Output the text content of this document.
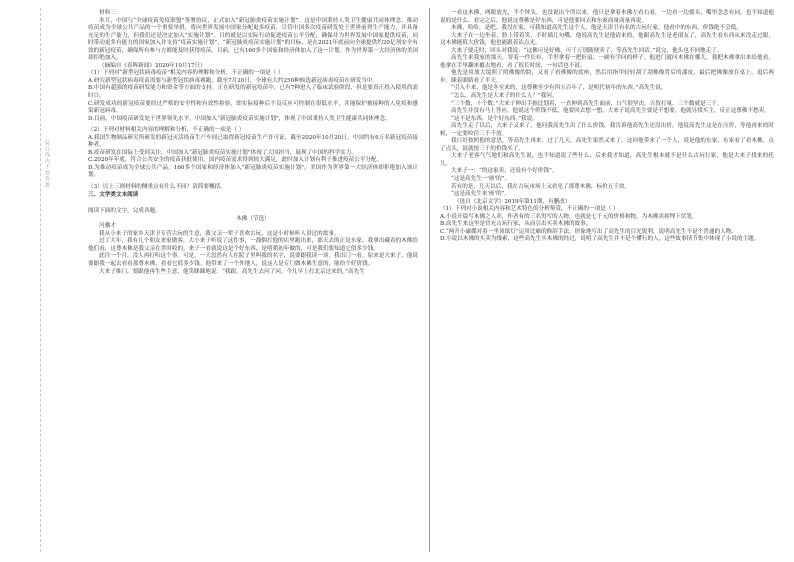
装订线内不要答题

材料三：

本月，中国与“全球疫苗免疫联盟”签署协议，正式加入“新冠肺炎疫苗实施计划”。这是中国秉持人类卫生健康共同体理念、推动疫苗成为全球公共产品的一个重要举措，将向世界发展中国家分配更多疫苗，尽管中国多次疫苗研发处于世界前列生产能力，并具备充足的生产能力，但我们还是决定加入“实施计划”，目的就是以实际行动促进疫苗公平分配，确保并为世界发展中国家提供疫苗，同时带动更多有能力的国家加入并支持“疫苗实施计划”。“新冠肺炎疫苗实施计划”的目标，是在2021年底前向全球提供约20亿剂安全有效的新冠疫苗，确保所有参与方都能及时获得疫苗。目前，已有160多个国家和经济体加入了这一计划。作为世界第一大经济体的美国却拒绝加入。

（摘编自《春晖新闻》2020年10月17日）

（1）下列对“新型冠状病毒疫苗”相关内容的理解和分析，不正确的一项是（ ）

A.研究新型冠状病毒疫苗需要与新型冠状病毒赛跑。截至7月20日，全球有大约250种候选新冠病毒疫苗在研发当中。

B.中国有超强的疫苗研发能力和资金等方面的支持，正在研发的新冠疫苗中，已有7种进入了临床试验阶段，但是要真正投入使用尚需时日。

C.研发成功的新冠疫苗要经过严格的安全性和有效性检验，即实际接种后不良反应可控制在很低水平，并能保护被接种的人免疫和感染新冠病毒。

D.目前，中国疫苗研发处于世界领先水平，中国加入“新冠肺炎疫苗实施计划”，体现了中国秉持人类卫生健康共同体理念。

（2）下列对材料相关内容的理解和分析，不正确的一项是（ ）

A.我国生物制品研究所研发的新冠灭活疫苗生产车间已取得新冠疫苗生产许可证，截至2020年10月20日，中国约有6万名新冠疫苗接种者。

B.疫苗研发在国际上受到关注，中国加入“新冠肺炎疫苗实施计划”体现了大国担当，展现了中国的科学实力。

C.2020年年底，符合公共安全的疫苗获批使用，国内疫苗需求得到较大满足，此时加入计划有利于推进疫苗公平分配。

D.为推动疫苗成为全球公共产品，160多个国家和经济体加入“新冠肺炎疫苗实施计划”，美国作为世界第一大经济体却拒绝加入该计划。

（3）以上三则材料的侧重点有什么不同？请简要概括。

三、文学类文本阅读

阅读下面的文字，完成各题。

木佛（节选）

冯骥才

我从小来子的家乡天津卫专营古玩的生意，我父亲一辈子喜欢古玩，这是小时候听人讲过的故事。

过了大年，我有几个朋友来家做客，大小来子听说了这件事，一溜烟打他的店里跑出来，那天去的正是东家。我拿出藏着的木佛给他们看，这尊木佛是我父亲在世时收的，来子一看就说这是个好东西，是明朝初年做的，可是我们要知道它值多少钱。

此往一个月，没人再打听这个事。可是，一天忽然有人在院子里叫我的名字，说要跟我谈一谈。我出门一看，原来是大来子，他说要跟我一起去看看那尊木佛，看看它值多少钱。他带来了一个外地人，说这人是专门做木佛生意的，能给个好价钱。

大来子推门，要跟他再生些主意，他笑眯眯地说：“我跟，高先生去问了问，今儿早上打北京过来的。”高先生

一看这木佛，两眼放光，半个钟头，也没说出个所以来，他只是拿着木佛左看右看，一边看一边摇头，嘴里念念有词，也不知道他说的是什么。看完之后，他说这尊佛是好东西，可是他要回去和东家商量商量再说。

木佛，哈哈，是吧。我没在家，可我知道高先生这个人，他是天津卫有名的古玩行家，他看中的东西，价钱绝不会低。

大来子在一边坐着，脸上带着笑，不时插几句嘴，他说高先生是他请来的，他跟高先生是老朋友了，高先生看东西从来没走过眼，这木佛能值大价钱，他也能跟着沾点光。

大来子要走时，回头对我说：“这佛可是好佛，可千万别随便卖了，等高先生回话。”说完，他头也不回地走了。

高先生来我家的那天，穿着一件长衫，手里拿着一把折扇，一副有学问的样子。他进门就问木佛在哪儿，我把木佛拿出来给他看，他拿在手里翻来覆去地看，看了很长时间，一句话也不说。

他先是用放大镜照了照佛像的脸，又看了看佛像的底座，然后用指甲轻轻刮了刮佛像背后的漆皮，最后把佛像放在桌上，退后两步，眯着眼睛看了半天。

“引入不来，他是冬至来的，这尊佛至少有四五百年了，是明代初年的东西。”高先生说。

“怎么，高先生是大来子的什么人？”我问。

“三个数，十个数。”大来子伸出手指比划着，一直伸到高先生面前，口气很坚决。吉賀打量，三个数就是三千。

高先生并没有马上答应，他说这个价钱不低，他要回去想一想。大来子说高先生要是不想要，他就另找买主，反正这尊佛不愁卖。

“这不是东西，是个好东西。”我说。

高先生走了以后，大来子又来了，他问我高先生出了什么价钱，我告诉他高先生还没出价，他说高先生这是在压价，等他再来的时候，一定要咬住三千不放。

我只好按照他的意思，等高先生再来。过了几天，高先生果然又来了，这回他带来了一个人，说是他的东家，东家看了看木佛，点了点头，说就按三千的价钱买了。

大来子老客气气地们和高先生说，也不知道说了些什么，后来我才知道，高先生根本就不是什么古玩行家，他是大来子找来的托儿。

大来子一：“的这家卖，还说有个好价钱”。

“这是高先生一'画'的”。

若有的是，几天以后，我在古玩市场上又看见了那尊木佛，标价五千块。

“这是高先生来'画'的”。

（选自《北京文学》2019年第11期，有删改）

（1）下列对小说相关内容和艺术特色的分析鉴赏，不正确的一项是（ ）

A.小说开篇写木佛之人卖，作者有的三名男写的人物，也就是七千元的价格和物，为木佛卖掉埋下伏笔。

B.高先生来这里是冒充古玩行家，从而引出买卖木佛的故事。

C.“两升小磁碟对着一坐顶纸灯”运用比喻的修辞手法，形象地写出了高先生的目光锐利，说明高先生不是个普通的人物。

D.小说以木佛的买卖为线索，这些高先生买木佛的经过，说明了高先生并不是个懂行的人，这些故事情节集中体现了小说的主题。
